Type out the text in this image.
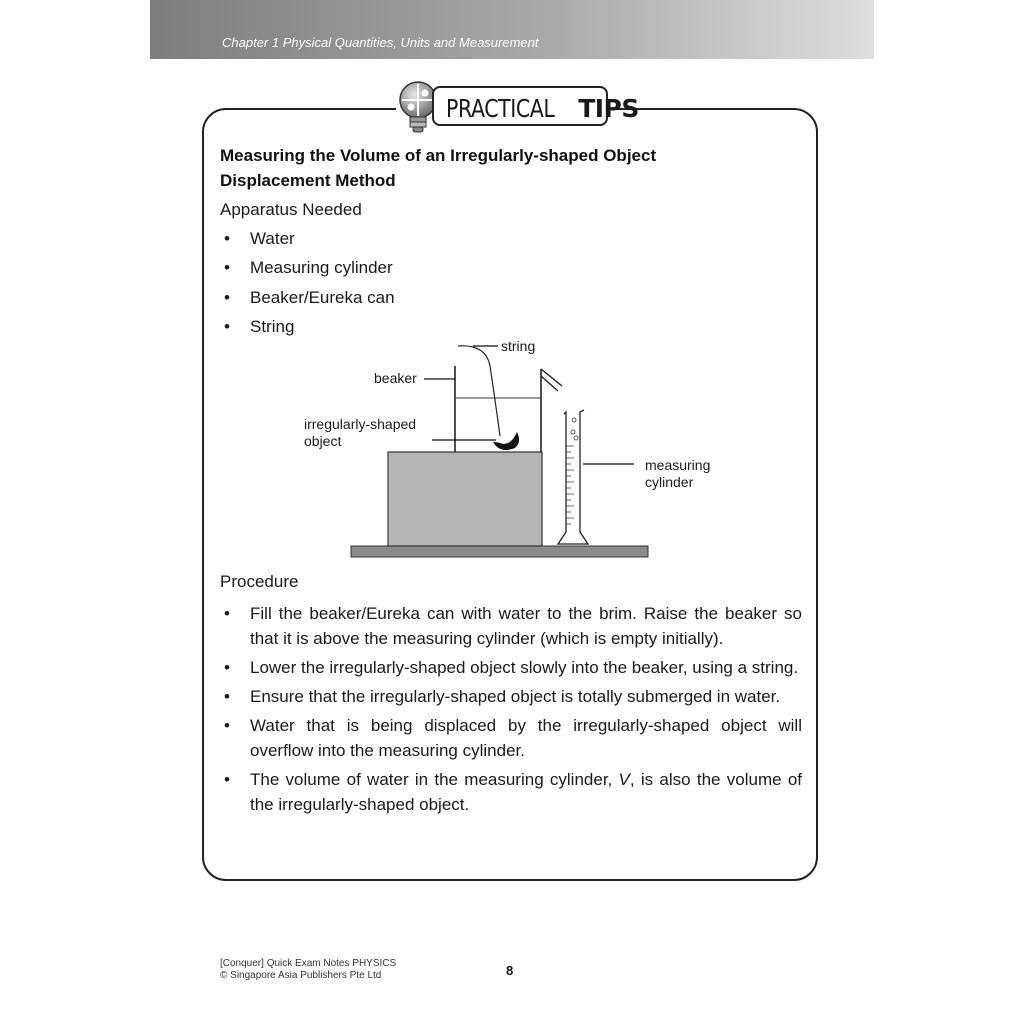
Chapter 1 Physical Quantities, Units and Measurement
PRACTICAL TIPS
Measuring the Volume of an Irregularly-shaped Object
Displacement Method
Apparatus Needed
• Water
• Measuring cylinder
• Beaker/Eureka can
• String
string
beaker
irregularly-shaped
object
measuring
cylinder
Procedure
• Fill the beaker/Eureka can with water to the brim. Raise the beaker so that it is above the measuring cylinder (which is empty initially).
• Lower the irregularly-shaped object slowly into the beaker, using a string.
• Ensure that the irregularly-shaped object is totally submerged in water.
• Water that is being displaced by the irregularly-shaped object will overflow into the measuring cylinder.
• The volume of water in the measuring cylinder, V, is also the volume of the irregularly-shaped object.
[Conquer] Quick Exam Notes PHYSICS
© Singapore Asia Publishers Pte Ltd	8
